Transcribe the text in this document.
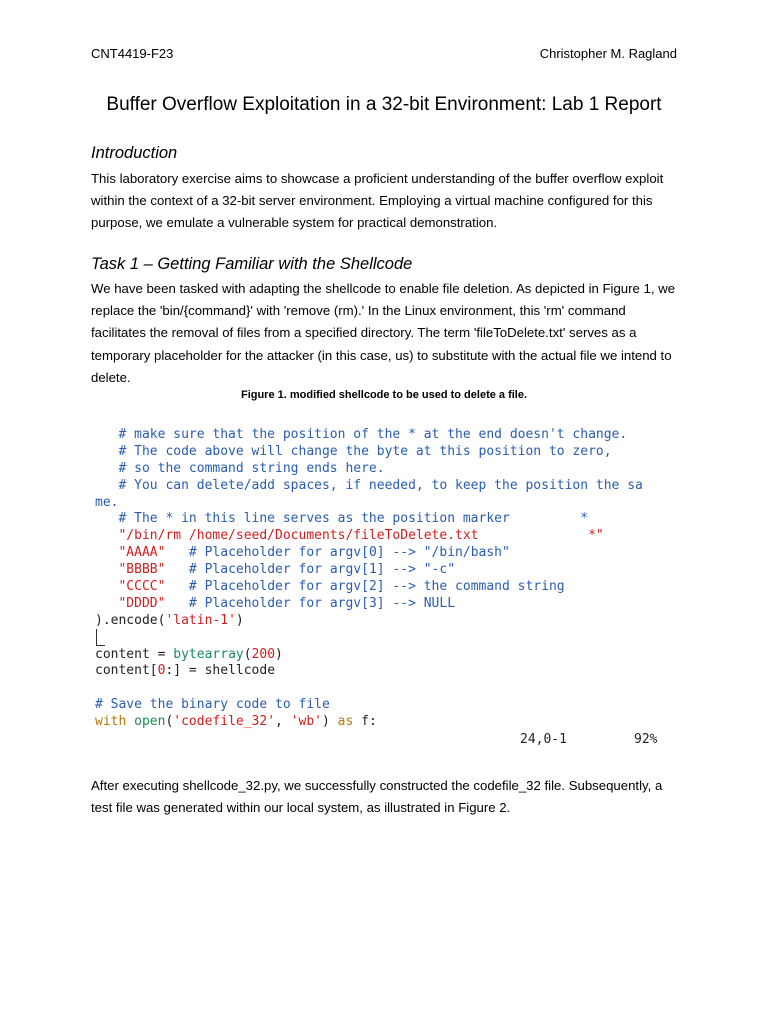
CNT4419-F23	Christopher M. Ragland
Buffer Overflow Exploitation in a 32-bit Environment: Lab 1 Report
Introduction
This laboratory exercise aims to showcase a proficient understanding of the buffer overflow exploit within the context of a 32-bit server environment. Employing a virtual machine configured for this purpose, we emulate a vulnerable system for practical demonstration.
Task 1 – Getting Familiar with the Shellcode
We have been tasked with adapting the shellcode to enable file deletion. As depicted in Figure 1, we replace the 'bin/{command}' with 'remove (rm).' In the Linux environment, this 'rm' command facilitates the removal of files from a specified directory. The term 'fileToDelete.txt' serves as a temporary placeholder for the attacker (in this case, us) to substitute with the actual file we intend to delete.
Figure 1. modified shellcode to be used to delete a file.
# make sure that the position of the * at the end doesn't change.
# The code above will change the byte at this position to zero,
# so the command string ends here.
# You can delete/add spaces, if needed, to keep the position the sa
me.
# The * in this line serves as the position marker         *
"/bin/rm /home/seed/Documents/fileToDelete.txt              *"
"AAAA"   # Placeholder for argv[0] --> "/bin/bash"
"BBBB"   # Placeholder for argv[1] --> "-c"
"CCCC"   # Placeholder for argv[2] --> the command string
"DDDD"   # Placeholder for argv[3] --> NULL
).encode('latin-1')

content = bytearray(200)
content[0:] = shellcode

# Save the binary code to file
with open('codefile_32', 'wb') as f:
24,0-1	92%
After executing shellcode_32.py, we successfully constructed the codefile_32 file. Subsequently, a test file was generated within our local system, as illustrated in Figure 2.
